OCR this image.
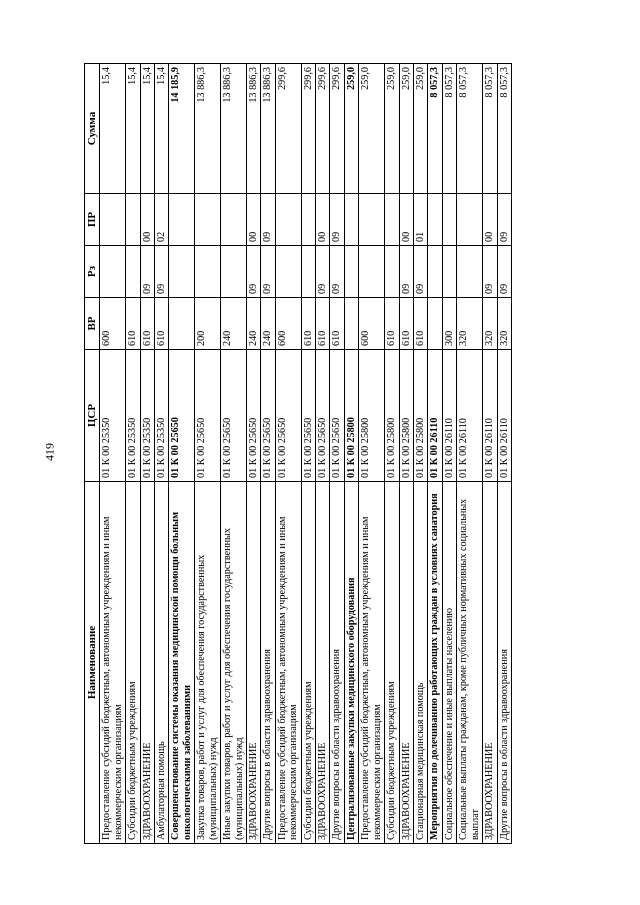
419
Наименование	ЦСР	ВР	Рз	ПР	Сумма
Предоставление субсидий бюджетным, автономным учреждениям и иным некоммерческим организациям	01 К 00 25350	600			15,4
Субсидии бюджетным учреждениям	01 К 00 25350	610			15,4
ЗДРАВООХРАНЕНИЕ	01 К 00 25350	610	09	00	15,4
Амбулаторная помощь	01 К 00 25350	610	09	02	15,4
Совершенствование системы оказания медицинской помощи больным онкологическими заболеваниями	01 К 00 25650				14 185,9
Закупка товаров, работ и услуг для обеспечения государственных (муниципальных) нужд	01 К 00 25650	200			13 886,3
Иные закупки товаров, работ и услуг для обеспечения государственных (муниципальных) нужд	01 К 00 25650	240			13 886,3
ЗДРАВООХРАНЕНИЕ	01 К 00 25650	240	09	00	13 886,3
Другие вопросы в области здравоохранения	01 К 00 25650	240	09	09	13 886,3
Предоставление субсидий бюджетным, автономным учреждениям и иным некоммерческим организациям	01 К 00 25650	600			299,6
Субсидии бюджетным учреждениям	01 К 00 25650	610			299,6
ЗДРАВООХРАНЕНИЕ	01 К 00 25650	610	09	00	299,6
Другие вопросы в области здравоохранения	01 К 00 25650	610	09	09	299,6
Централизованные закупки медицинского оборудования	01 К 00 25800				259,0
Предоставление субсидий бюджетным, автономным учреждениям и иным некоммерческим организациям	01 К 00 25800	600			259,0
Субсидии бюджетным учреждениям	01 К 00 25800	610			259,0
ЗДРАВООХРАНЕНИЕ	01 К 00 25800	610	09	00	259,0
Стационарная медицинская помощь	01 К 00 25800	610	09	01	259,0
Мероприятия по долечиванию работающих граждан в условиях санатория	01 К 00 26110				8 057,3
Социальное обеспечение и иные выплаты населению	01 К 00 26110	300			8 057,3
Социальные выплаты гражданам, кроме публичных нормативных социальных выплат	01 К 00 26110	320			8 057,3
ЗДРАВООХРАНЕНИЕ	01 К 00 26110	320	09	00	8 057,3
Другие вопросы в области здравоохранения	01 К 00 26110	320	09	09	8 057,3
